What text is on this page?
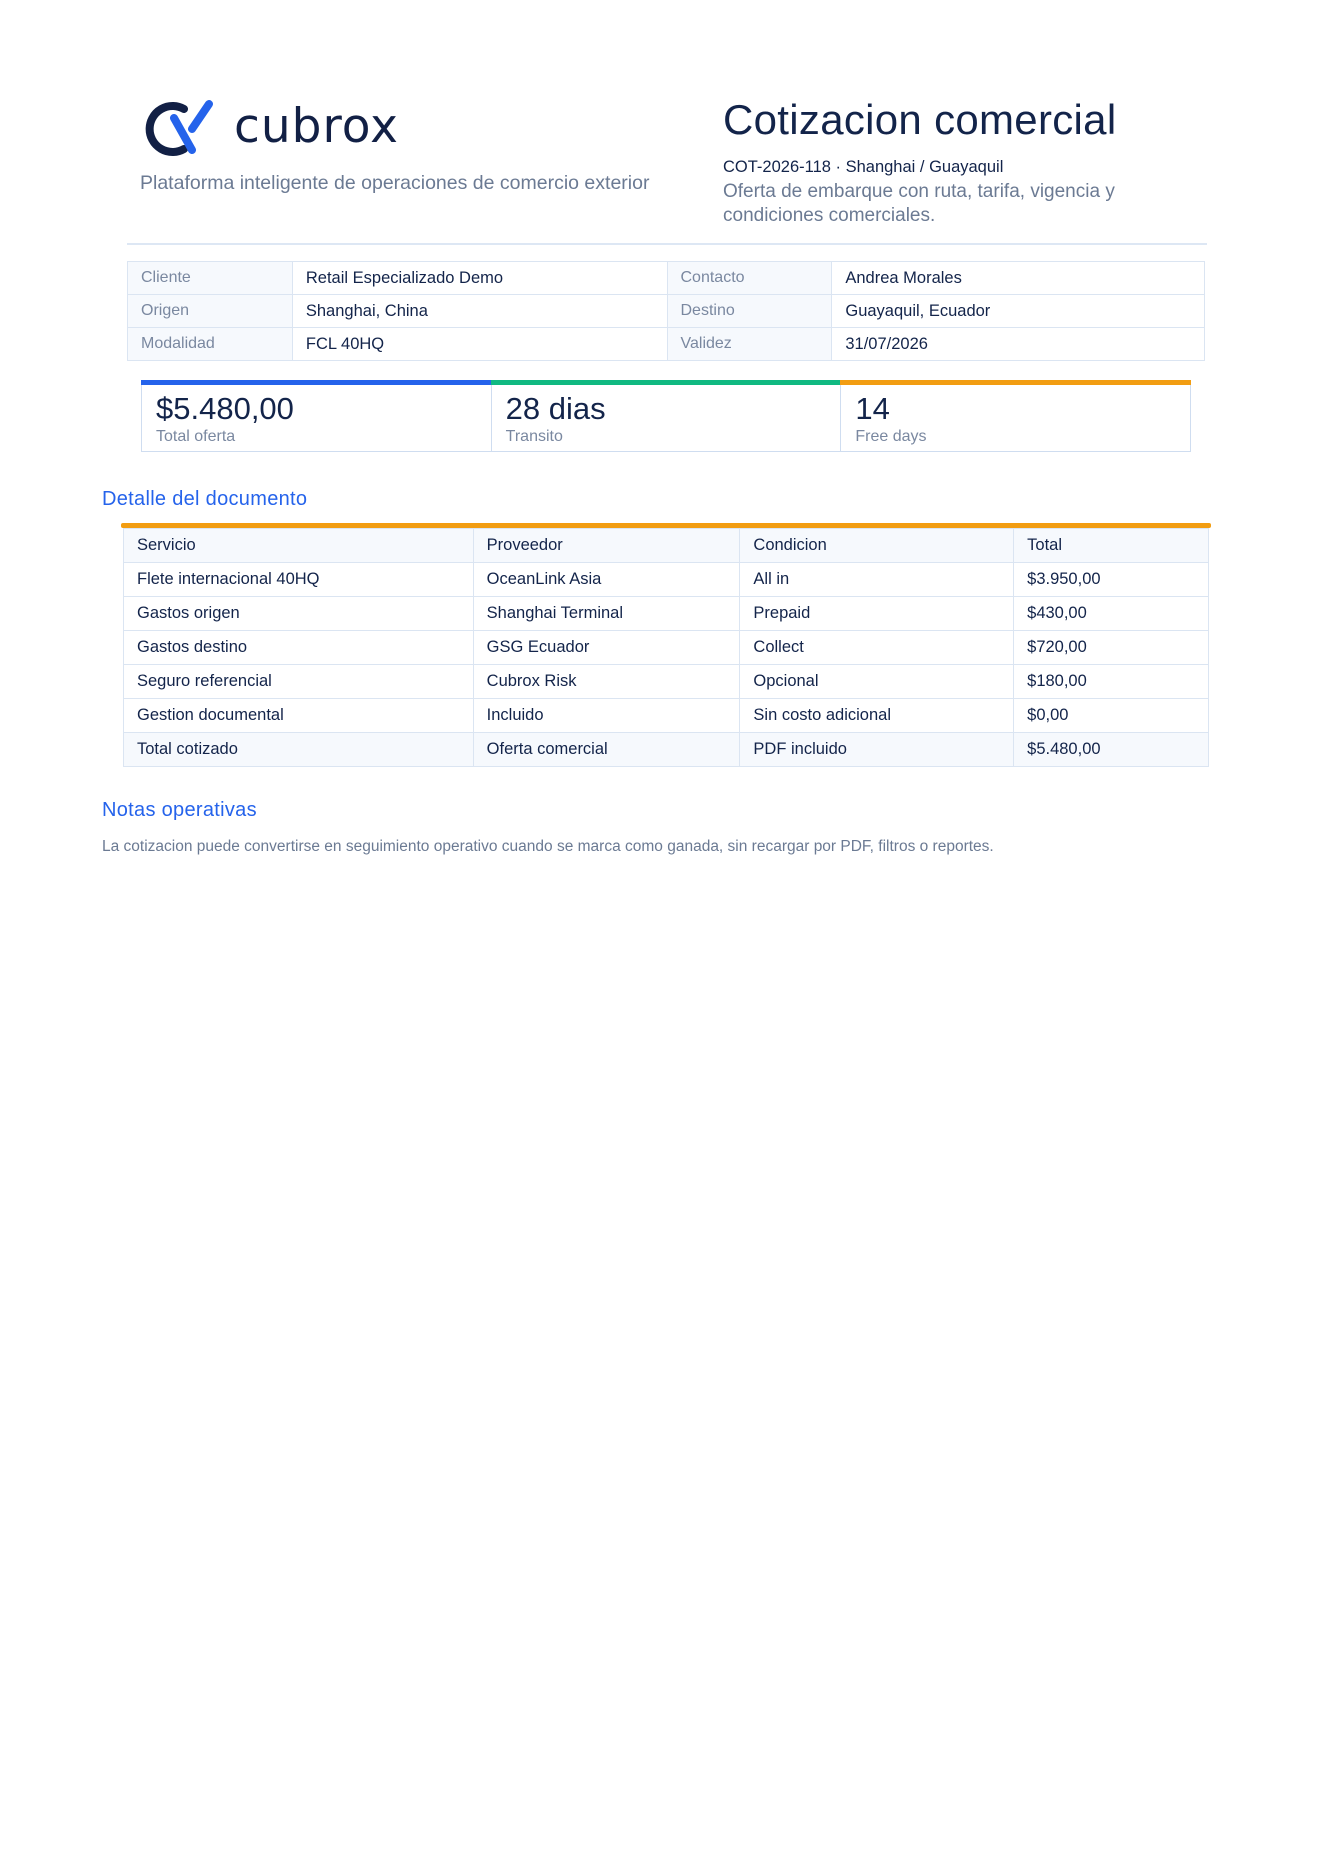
cubrox
Plataforma inteligente de operaciones de comercio exterior
Cotizacion comercial
COT-2026-118 · Shanghai / Guayaquil
Oferta de embarque con ruta, tarifa, vigencia y condiciones comerciales.
Cliente	Retail Especializado Demo	Contacto	Andrea Morales
Origen	Shanghai, China	Destino	Guayaquil, Ecuador
Modalidad	FCL 40HQ	Validez	31/07/2026
$5.480,00
Total oferta
28 dias
Transito
14
Free days
Detalle del documento
Servicio	Proveedor	Condicion	Total
Flete internacional 40HQ	OceanLink Asia	All in	$3.950,00
Gastos origen	Shanghai Terminal	Prepaid	$430,00
Gastos destino	GSG Ecuador	Collect	$720,00
Seguro referencial	Cubrox Risk	Opcional	$180,00
Gestion documental	Incluido	Sin costo adicional	$0,00
Total cotizado	Oferta comercial	PDF incluido	$5.480,00
Notas operativas
La cotizacion puede convertirse en seguimiento operativo cuando se marca como ganada, sin recargar por PDF, filtros o reportes.
